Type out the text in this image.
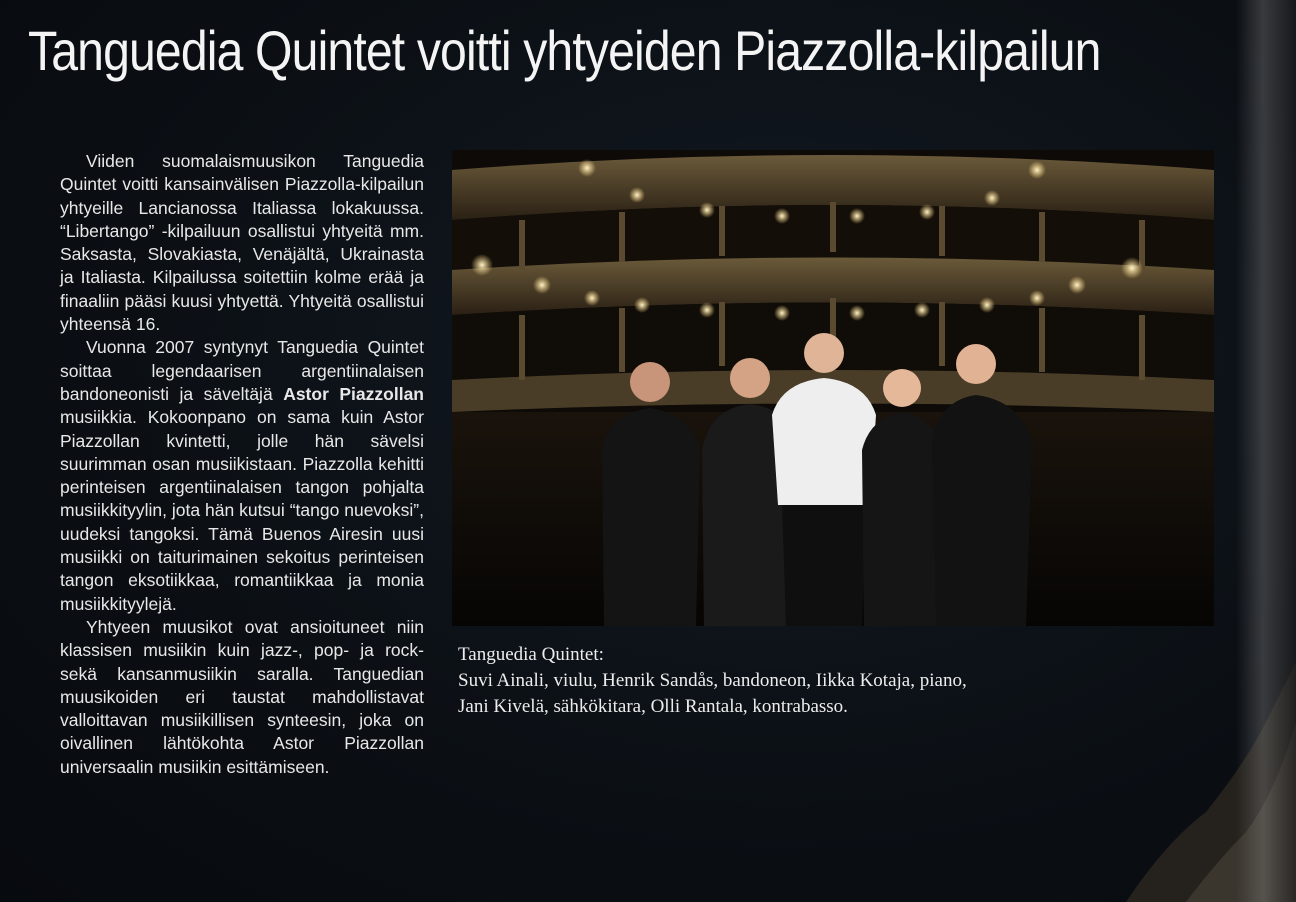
Tanguedia Quintet voitti yhtyeiden Piazzolla-kilpailun

Viiden suomalaismuusikon Tanguedia Quintet voitti kansainvälisen Piazzolla-kilpailun yhtyeille Lancianossa Italiassa lokakuussa. “Libertango” -kilpailuun osallistui yhtyeitä mm. Saksasta, Slovakiasta, Venäjältä, Ukrainasta ja Italiasta. Kilpailussa soitettiin kolme erää ja finaaliin pääsi kuusi yhtyettä. Yhtyeitä osallistui yhteensä 16.

Vuonna 2007 syntynyt Tanguedia Quintet soittaa legendaarisen argentiinalaisen bandoneonisti ja säveltäjä Astor Piazzollan musiikkia. Kokoonpano on sama kuin Astor Piazzollan kvintetti, jolle hän sävelsi suurimman osan musiikistaan. Piazzolla kehitti perinteisen argentiinalaisen tangon pohjalta musiikkityylin, jota hän kutsui “tango nuevoksi”, uudeksi tangoksi. Tämä Buenos Airesin uusi musiikki on taiturimainen sekoitus perinteisen tangon eksotiikkaa, romantiikkaa ja monia musiikkityylejä.

Yhtyeen muusikot ovat ansioituneet niin klassisen musiikin kuin jazz-, pop- ja rock- sekä kansanmusiikin saralla. Tanguedian muusikoiden eri taustat mahdollistavat valloittavan musiikillisen synteesin, joka on oivallinen lähtökohta Astor Piazzollan universaalin musiikin esittämiseen.

Tanguedia Quintet:
Suvi Ainali, viulu, Henrik Sandås, bandoneon, Iikka Kotaja, piano,
Jani Kivelä, sähkökitara, Olli Rantala, kontrabasso.
